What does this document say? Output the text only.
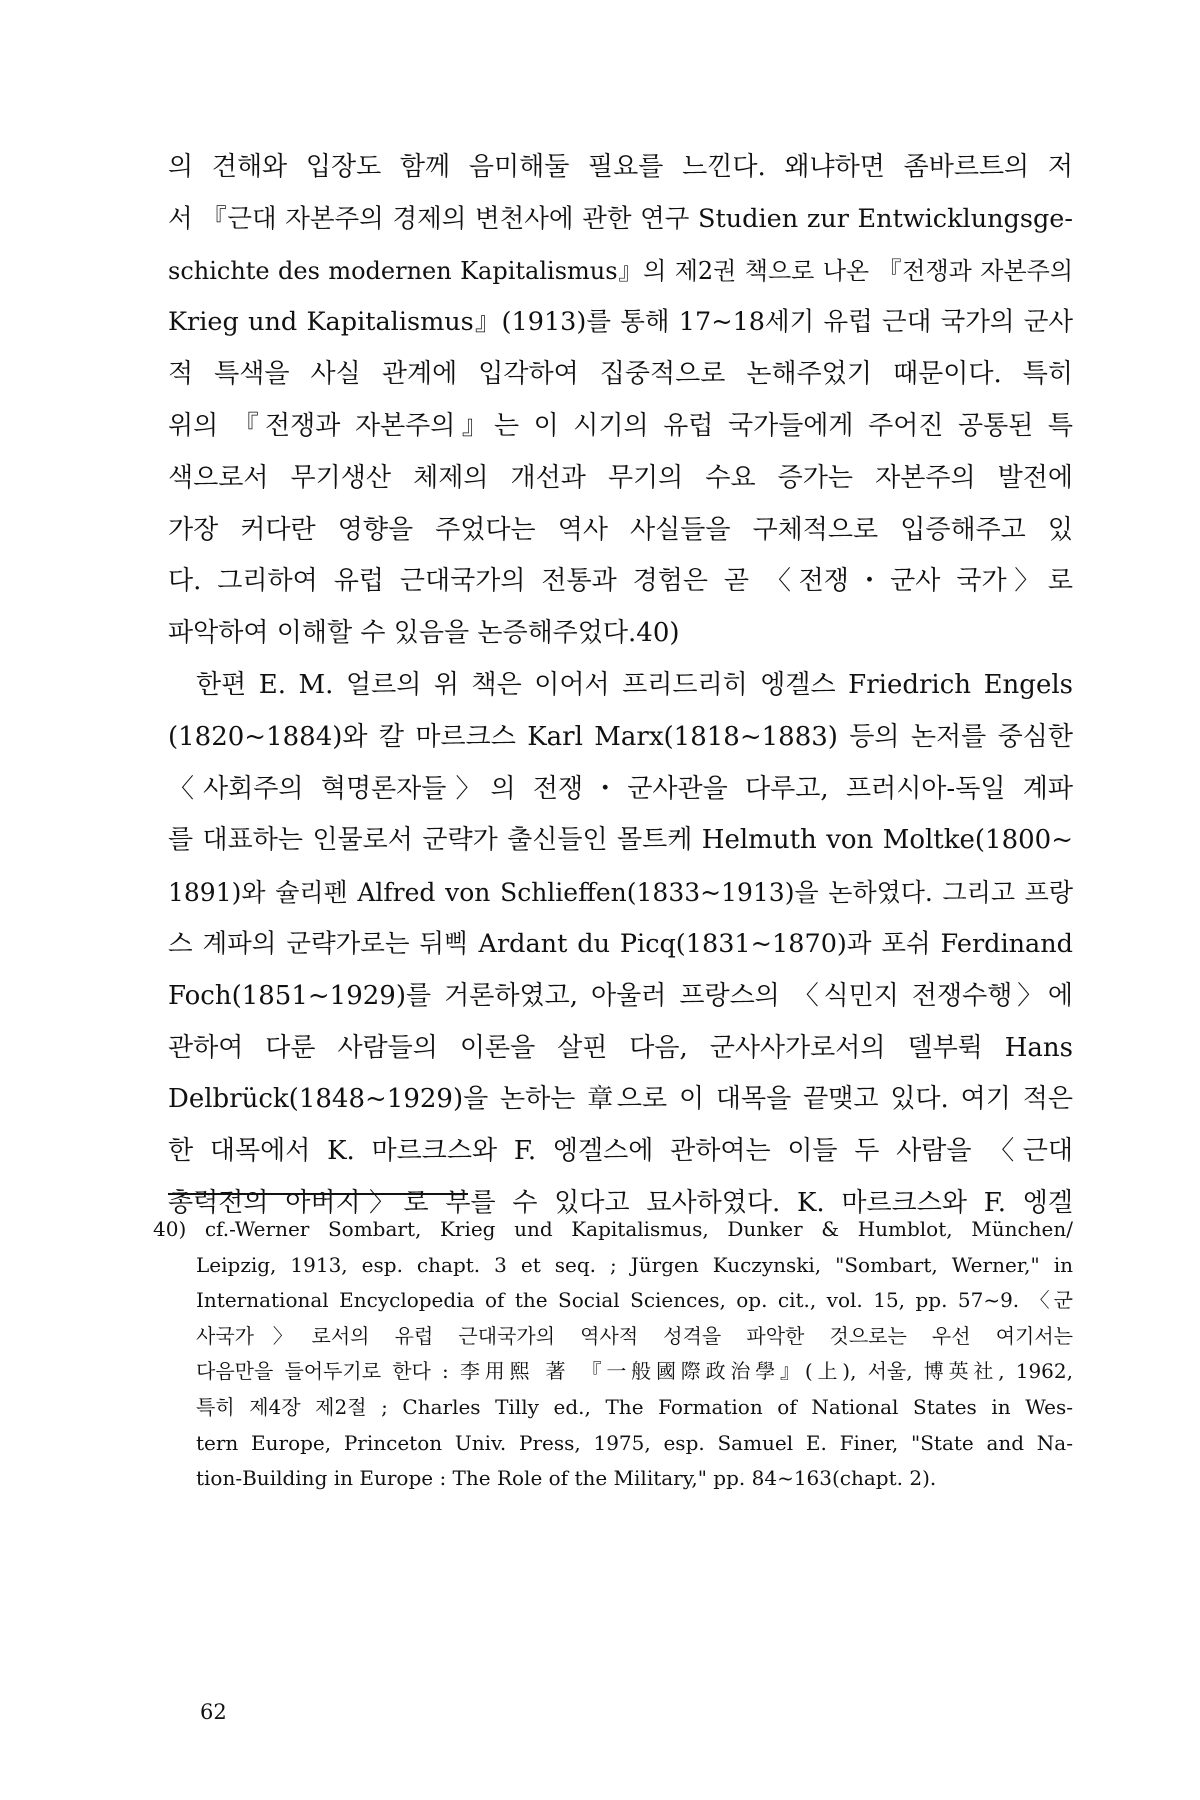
의 견해와 입장도 함께 음미해둘 필요를 느낀다. 왜냐하면 좀바르트의 저
서 『근대 자본주의 경제의 변천사에 관한 연구 Studien zur Entwicklungsge-
schichte des modernen Kapitalismus』의 제2권 책으로 나온 『전쟁과 자본주의
Krieg und Kapitalismus』(1913)를 통해 17~18세기 유럽 근대 국가의 군사
적 특색을 사실 관계에 입각하여 집중적으로 논해주었기 때문이다. 특히
위의 『전쟁과 자본주의』는 이 시기의 유럽 국가들에게 주어진 공통된 특
색으로서 무기생산 체제의 개선과 무기의 수요 증가는 자본주의 발전에
가장 커다란 영향을 주었다는 역사 사실들을 구체적으로 입증해주고 있
다. 그리하여 유럽 근대국가의 전통과 경험은 곧 〈전쟁・군사 국가〉로
파악하여 이해할 수 있음을 논증해주었다.40)
한편 E. M. 얼르의 위 책은 이어서 프리드리히 엥겔스 Friedrich Engels
(1820~1884)와 칼 마르크스 Karl Marx(1818~1883) 등의 논저를 중심한
〈사회주의 혁명론자들〉의 전쟁・군사관을 다루고, 프러시아-독일 계파
를 대표하는 인물로서 군략가 출신들인 몰트케 Helmuth von Moltke(1800~
1891)와 슐리펜 Alfred von Schlieffen(1833~1913)을 논하였다. 그리고 프랑
스 계파의 군략가로는 뒤삑 Ardant du Picq(1831~1870)과 포쉬 Ferdinand
Foch(1851~1929)를 거론하였고, 아울러 프랑스의 〈식민지 전쟁수행〉에
관하여 다룬 사람들의 이론을 살핀 다음, 군사사가로서의 델부뤽 Hans
Delbrück(1848~1929)을 논하는 章으로 이 대목을 끝맺고 있다. 여기 적은
한 대목에서 K. 마르크스와 F. 엥겔스에 관하여는 이들 두 사람을 〈근대
총력전의 아버지〉로 부를 수 있다고 묘사하였다. K. 마르크스와 F. 엥겔
40) cf.-Werner Sombart, Krieg und Kapitalismus, Dunker & Humblot, München/
Leipzig, 1913, esp. chapt. 3 et seq. ; Jürgen Kuczynski, "Sombart, Werner," in
International Encyclopedia of the Social Sciences, op. cit., vol. 15, pp. 57~9. 〈군
사국가〉로서의 유럽 근대국가의 역사적 성격을 파악한 것으로는 우선 여기서는
다음만을 들어두기로 한다 : 李用熙 著 『一般國際政治學』(上), 서울, 博英社, 1962,
특히 제4장 제2절 ; Charles Tilly ed., The Formation of National States in Wes-
tern Europe, Princeton Univ. Press, 1975, esp. Samuel E. Finer, "State and Na-
tion-Building in Europe : The Role of the Military," pp. 84~163(chapt. 2).
62
